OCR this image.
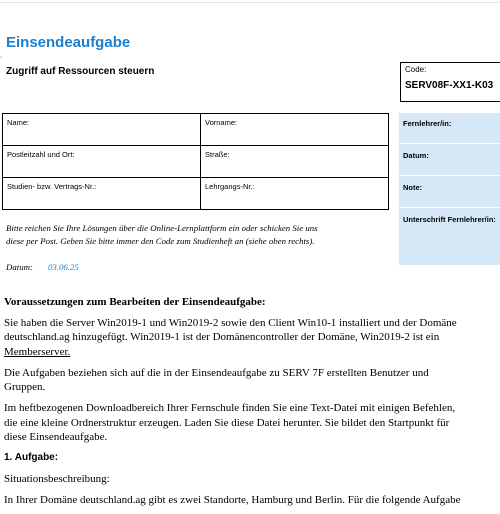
Einsendeaufgabe
▫
Zugriff auf Ressourcen steuern	Code:
SERV08F-XX1-K03
Name:	Vorname:
Postleitzahl und Ort:	Straße:
Studien- bzw. Vertrags-Nr.:	Lehrgangs-Nr.:
Fernlehrer/in:
Datum:
Note:
Unterschrift Fernlehrer/in:
Bitte reichen Sie Ihre Lösungen über die Online-Lernplattform ein oder schicken Sie uns
diese per Post. Geben Sie bitte immer den Code zum Studienheft an (siehe oben rechts).
Datum: 03.06.25
Voraussetzungen zum Bearbeiten der Einsendeaufgabe:

Sie haben die Server Win2019-1 und Win2019-2 sowie den Client Win10-1 installiert und der Domäne
deutschland.ag hinzugefügt. Win2019-1 ist der Domänencontroller der Domäne, Win2019-2 ist ein
Memberserver.

Die Aufgaben beziehen sich auf die in der Einsendeaufgabe zu SERV 7F erstellten Benutzer und
Gruppen.

Im heftbezogenen Downloadbereich Ihrer Fernschule finden Sie eine Text-Datei mit einigen Befehlen,
die eine kleine Ordnerstruktur erzeugen. Laden Sie diese Datei herunter. Sie bildet den Startpunkt für
diese Einsendeaufgabe.

1. Aufgabe:

Situationsbeschreibung:

In Ihrer Domäne deutschland.ag gibt es zwei Standorte, Hamburg und Berlin. Für die folgende Aufgabe
